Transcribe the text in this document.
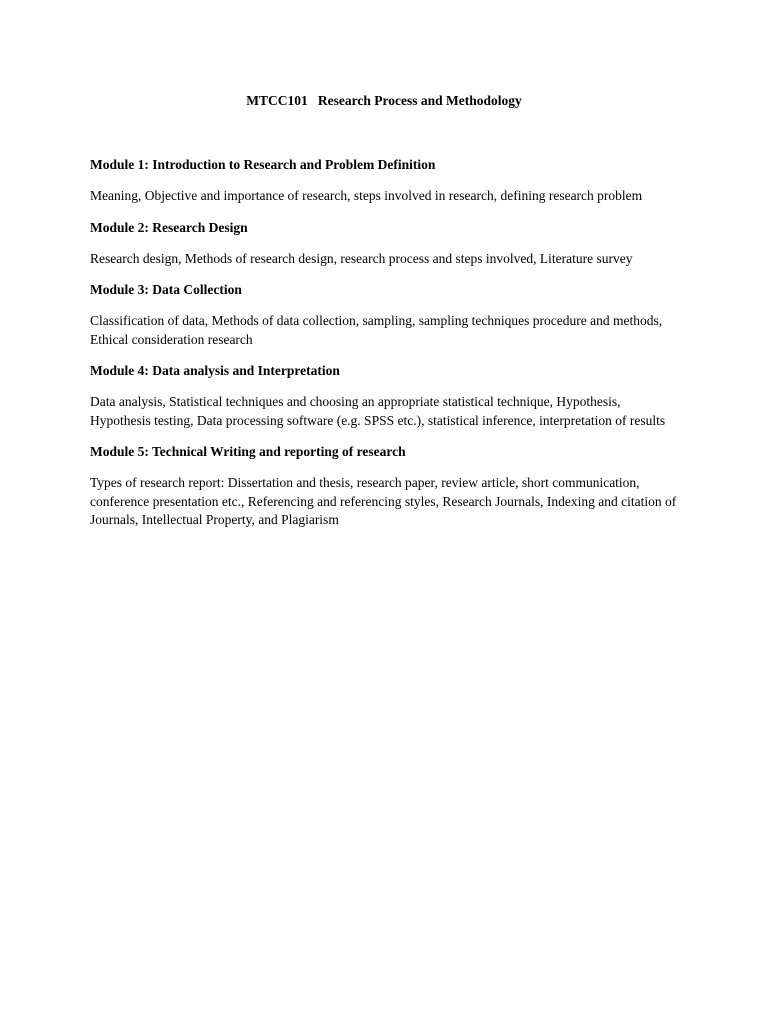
MTCC101   Research Process and Methodology
Module 1: Introduction to Research and Problem Definition
Meaning, Objective and importance of research, steps involved in research, defining research problem
Module 2: Research Design
Research design, Methods of research design, research process and steps involved, Literature survey
Module 3: Data Collection
Classification of data, Methods of data collection, sampling, sampling techniques procedure and methods, Ethical consideration research
Module 4: Data analysis and Interpretation
Data analysis, Statistical techniques and choosing an appropriate statistical technique, Hypothesis, Hypothesis testing, Data processing software (e.g. SPSS etc.), statistical inference, interpretation of results
Module 5: Technical Writing and reporting of research
Types of research report: Dissertation and thesis, research paper, review article, short communication, conference presentation etc., Referencing and referencing styles, Research Journals, Indexing and citation of Journals, Intellectual Property, and Plagiarism
